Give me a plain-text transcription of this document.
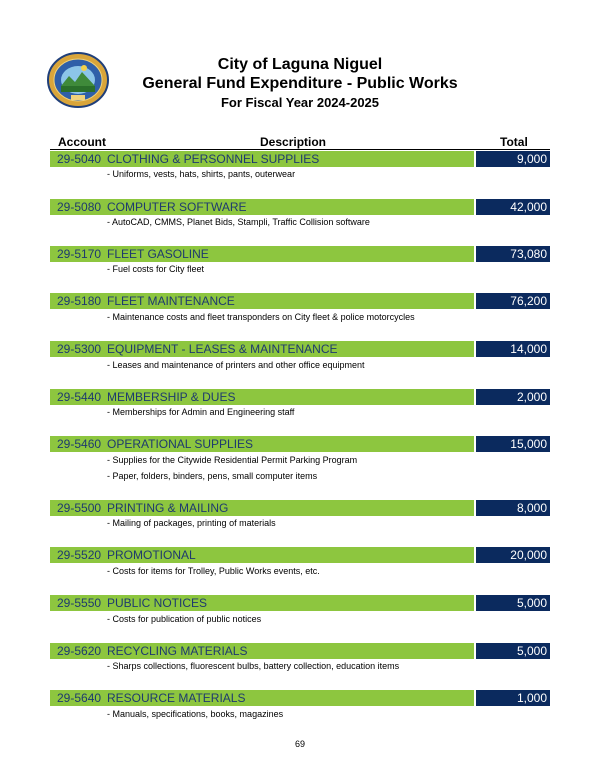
City of Laguna Niguel
General Fund Expenditure - Public Works
For Fiscal Year 2024-2025
Account	Description	Total
29-5040 CLOTHING & PERSONNEL SUPPLIES	9,000
- Uniforms, vests, hats, shirts, pants, outerwear
29-5080 COMPUTER SOFTWARE	42,000
- AutoCAD, CMMS, Planet Bids, Stampli, Traffic Collision software
29-5170 FLEET GASOLINE	73,080
- Fuel costs for City fleet
29-5180 FLEET MAINTENANCE	76,200
- Maintenance costs and fleet transponders on City fleet & police motorcycles
29-5300 EQUIPMENT - LEASES & MAINTENANCE	14,000
- Leases and maintenance of printers and other office equipment
29-5440 MEMBERSHIP & DUES	2,000
- Memberships for Admin and Engineering staff
29-5460 OPERATIONAL SUPPLIES	15,000
- Supplies for the Citywide Residential Permit Parking Program
- Paper, folders, binders, pens, small computer items
29-5500 PRINTING & MAILING	8,000
- Mailing of packages, printing of materials
29-5520 PROMOTIONAL	20,000
- Costs for items for Trolley, Public Works events, etc.
29-5550 PUBLIC NOTICES	5,000
- Costs for publication of public notices
29-5620 RECYCLING MATERIALS	5,000
- Sharps collections, fluorescent bulbs, battery collection, education items
29-5640 RESOURCE MATERIALS	1,000
- Manuals, specifications, books, magazines
69
